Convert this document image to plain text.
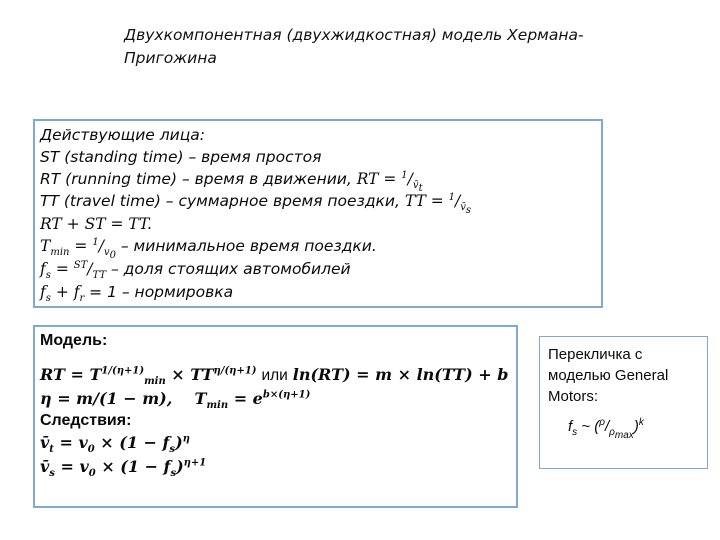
Двухкомпонентная (двухжидкостная) модель Хермана-Пригожина
Действующие лица:
ST (standing time) – время простоя
RT (running time) – время в движении, RT = $^1/_{v̄_t}$
TT (travel time) – суммарное время поездки, TT = $^1/_{v̄_s}$
RT + ST = TT.
$T_{min} = ^1/_{v_0}$ – минимальное время поездки.
$f_s = ^{ST}/_{TT}$ – доля стоящих автомобилей
$f_s + f_r = 1$ – нормировка
Модель:
RT = $T^{1/(\eta+1)}_{min} \times TT^{\eta/(\eta+1)}$ или ln(RT) = m × ln(TT) + b
η = m/(1 − m),    $T_{min} = e^{b\times(\eta+1)}$
Следствия:
$v̄_t = v_0 \times (1 - f_s)^\eta$
$v̄_s = v_0 \times (1 - f_s)^{\eta+1}$
Перекличка с
моделью General
Motors:
$f_s$ ~ $(^\rho/_{\rho_{max}})^k$
